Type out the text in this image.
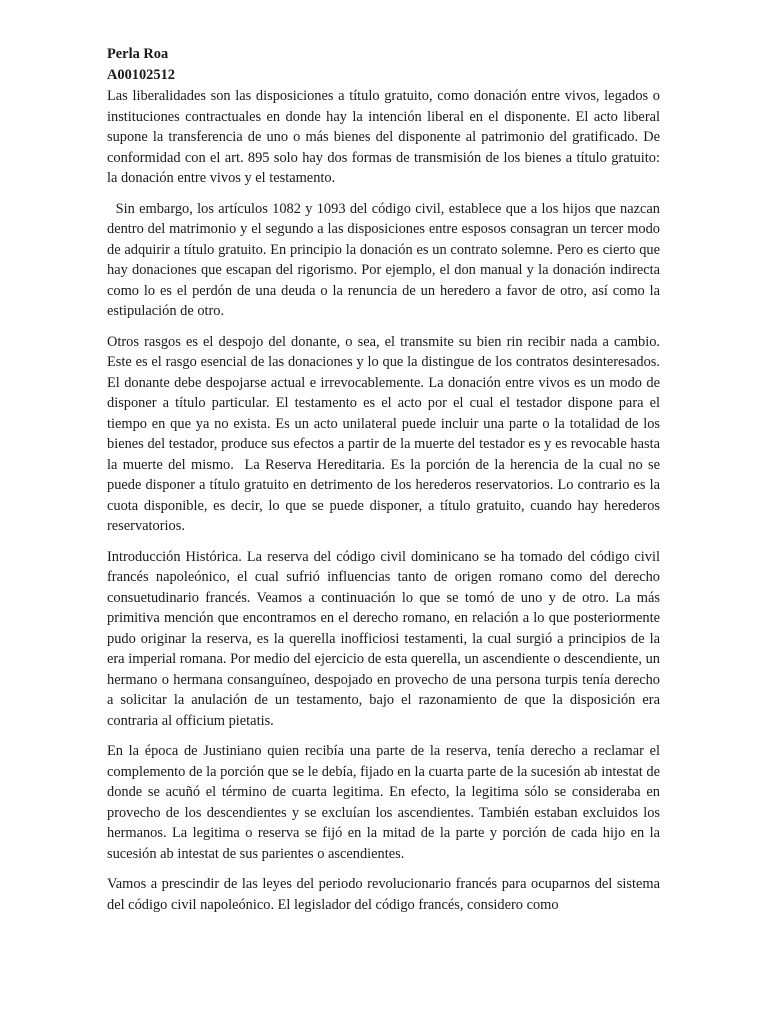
Perla Roa

A00102512

Las liberalidades son las disposiciones a título gratuito, como donación entre vivos, legados o instituciones contractuales en donde hay la intención liberal en el disponente. El acto liberal supone la transferencia de uno o más bienes del disponente al patrimonio del gratificado. De conformidad con el art. 895 solo hay dos formas de transmisión de los bienes a título gratuito: la donación entre vivos y el testamento.

Sin embargo, los artículos 1082 y 1093 del código civil, establece que a los hijos que nazcan dentro del matrimonio y el segundo a las disposiciones entre esposos consagran un tercer modo de adquirir a título gratuito. En principio la donación es un contrato solemne. Pero es cierto que hay donaciones que escapan del rigorismo. Por ejemplo, el don manual y la donación indirecta como lo es el perdón de una deuda o la renuncia de un heredero a favor de otro, así como la estipulación de otro.

Otros rasgos es el despojo del donante, o sea, el transmite su bien rin recibir nada a cambio. Este es el rasgo esencial de las donaciones y lo que la distingue de los contratos desinteresados. El donante debe despojarse actual e irrevocablemente. La donación entre vivos es un modo de disponer a título particular. El testamento es el acto por el cual el testador dispone para el tiempo en que ya no exista. Es un acto unilateral puede incluir una parte o la totalidad de los bienes del testador, produce sus efectos a partir de la muerte del testador es y es revocable hasta la muerte del mismo.  La Reserva Hereditaria. Es la porción de la herencia de la cual no se puede disponer a título gratuito en detrimento de los herederos reservatorios. Lo contrario es la cuota disponible, es decir, lo que se puede disponer, a título gratuito, cuando hay herederos reservatorios.

Introducción Histórica. La reserva del código civil dominicano se ha tomado del código civil francés napoleónico, el cual sufrió influencias tanto de origen romano como del derecho consuetudinario francés. Veamos a continuación lo que se tomó de uno y de otro. La más primitiva mención que encontramos en el derecho romano, en relación a lo que posteriormente pudo originar la reserva, es la querella inofficiosi testamenti, la cual surgió a principios de la era imperial romana. Por medio del ejercicio de esta querella, un ascendiente o descendiente, un hermano o hermana consanguíneo, despojado en provecho de una persona turpis tenía derecho a solicitar la anulación de un testamento, bajo el razonamiento de que la disposición era contraria al officium pietatis.

En la época de Justiniano quien recibía una parte de la reserva, tenía derecho a reclamar el complemento de la porción que se le debía, fijado en la cuarta parte de la sucesión ab intestat de donde se acuñó el término de cuarta legitima. En efecto, la legitima sólo se consideraba en provecho de los descendientes y se excluían los ascendientes. También estaban excluidos los hermanos. La legitima o reserva se fijó en la mitad de la parte y porción de cada hijo en la sucesión ab intestat de sus parientes o ascendientes.

Vamos a prescindir de las leyes del periodo revolucionario francés para ocuparnos del sistema del código civil napoleónico. El legislador del código francés, considero como
